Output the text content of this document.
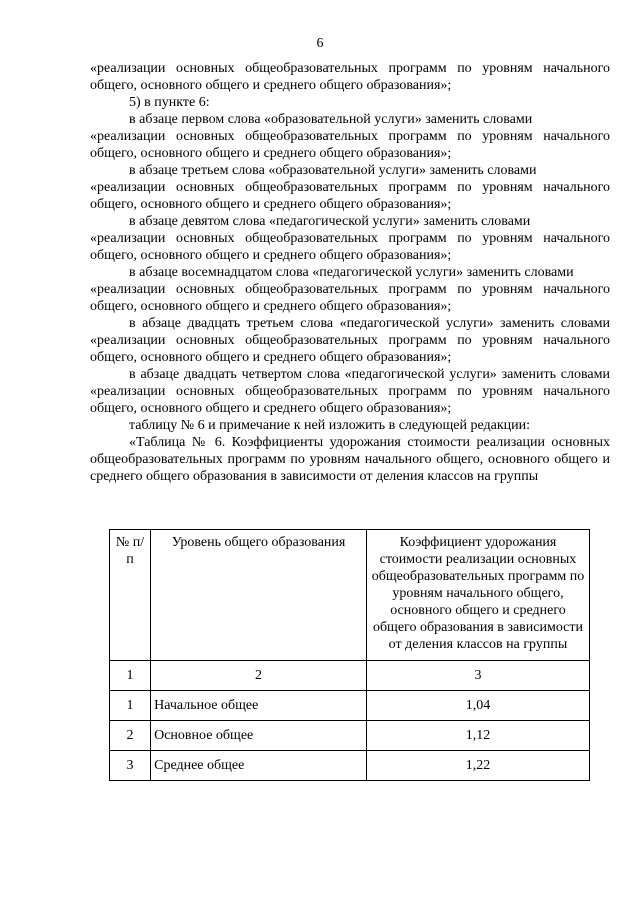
6

«реализации основных общеобразовательных программ по уровням начального общего, основного общего и среднего общего образования»;

5) в пункте 6:

в абзаце первом слова «образовательной услуги» заменить словами

«реализации основных общеобразовательных программ по уровням начального общего, основного общего и среднего общего образования»;

в абзаце третьем слова «образовательной услуги» заменить словами

«реализации основных общеобразовательных программ по уровням начального общего, основного общего и среднего общего образования»;

в абзаце девятом слова «педагогической услуги» заменить словами

«реализации основных общеобразовательных программ по уровням начального общего, основного общего и среднего общего образования»;

в абзаце восемнадцатом слова «педагогической услуги» заменить словами

«реализации основных общеобразовательных программ по уровням начального общего, основного общего и среднего общего образования»;

в абзаце двадцать третьем слова «педагогической услуги» заменить словами «реализации основных общеобразовательных программ по уровням начального общего, основного общего и среднего общего образования»;

в абзаце двадцать четвертом слова «педагогической услуги» заменить словами «реализации основных общеобразовательных программ по уровням начального общего, основного общего и среднего общего образования»;

таблицу № 6 и примечание к ней изложить в следующей редакции:

«Таблица № 6. Коэффициенты удорожания стоимости реализации основных общеобразовательных программ по уровням начального общего, основного общего и среднего общего образования в зависимости от деления классов на группы

№ п/п	Уровень общего образования	Коэффициент удорожания стоимости реализации основных общеобразовательных программ по уровням начального общего, основного общего и среднего общего образования в зависимости от деления классов на группы
1	2	3
1	Начальное общее	1,04
2	Основное общее	1,12
3	Среднее общее	1,22
